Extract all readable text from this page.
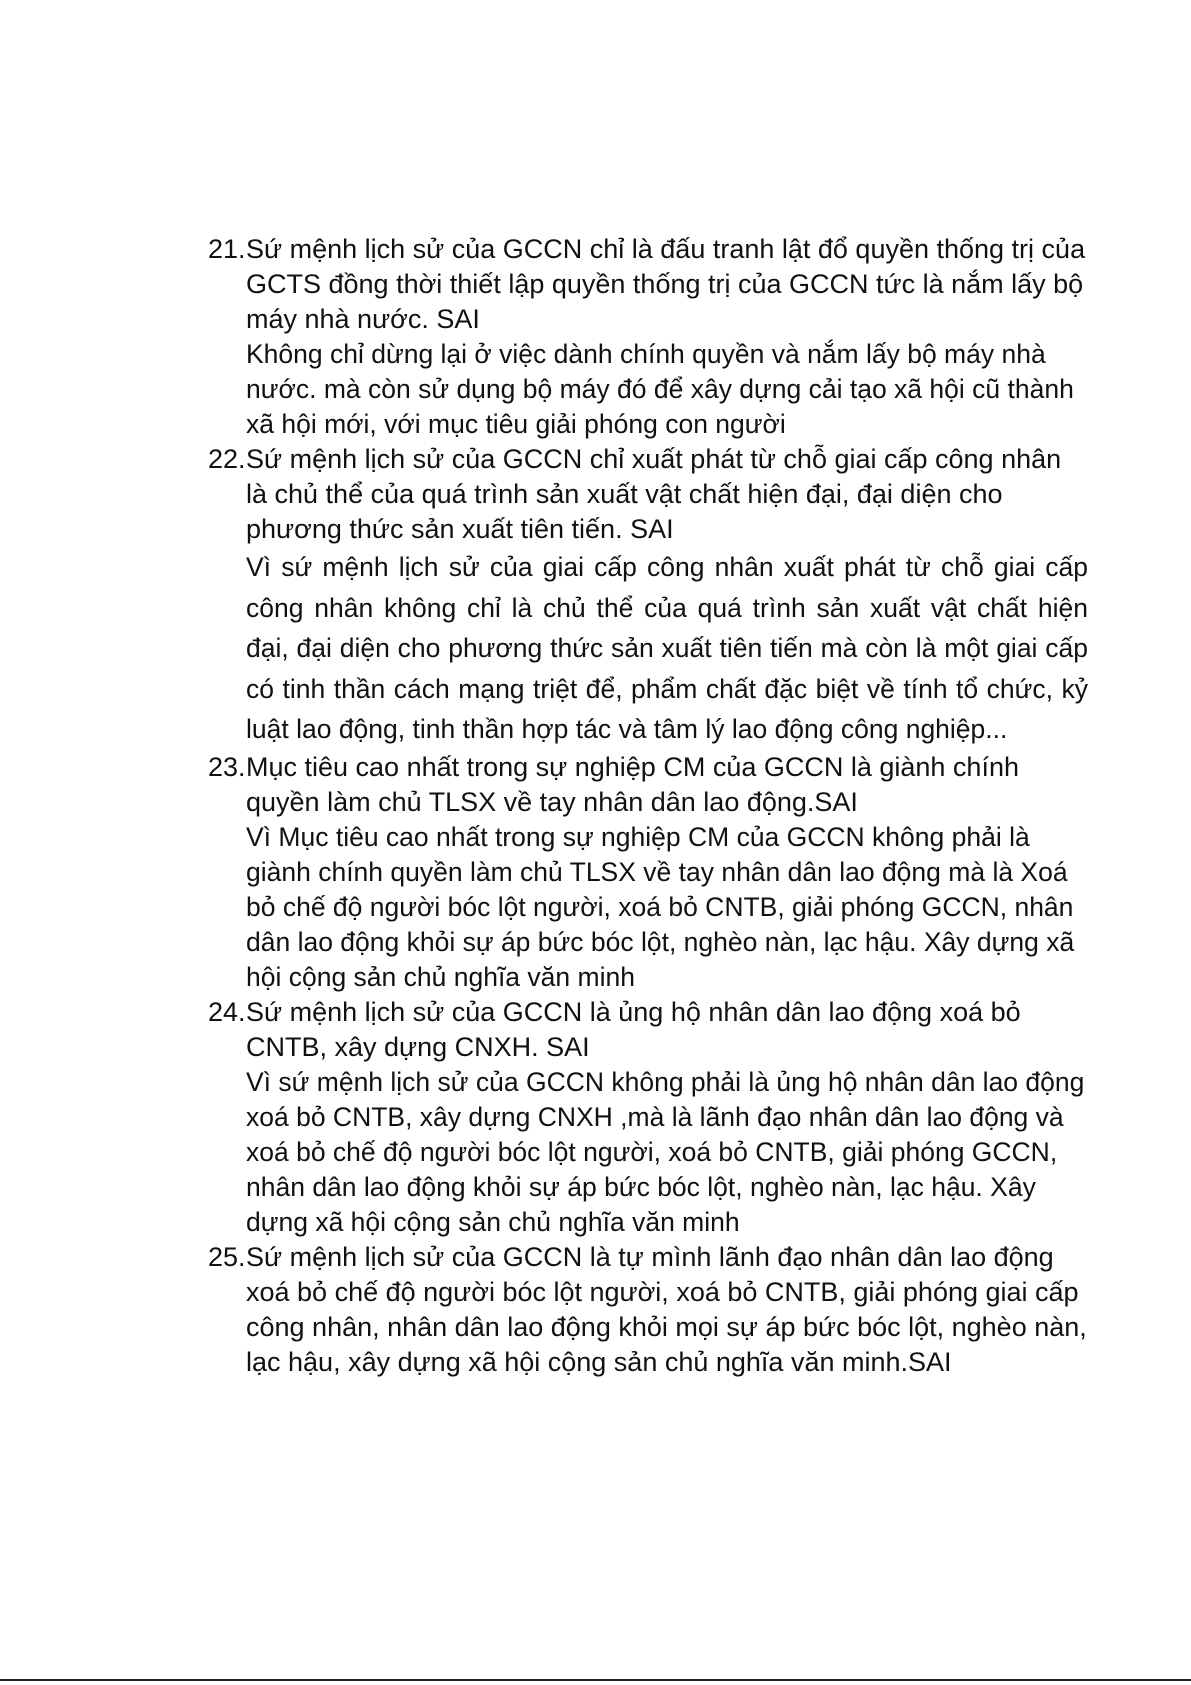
21. Sứ mệnh lịch sử của GCCN chỉ là đấu tranh lật đổ quyền thống trị của GCTS đồng thời thiết lập quyền thống trị của GCCN tức là nắm lấy bộ máy nhà nước. SAI

Không chỉ dừng lại ở việc dành chính quyền và nắm lấy bộ máy nhà nước. mà còn sử dụng bộ máy đó để xây dựng cải tạo xã hội cũ thành xã hội mới, với mục tiêu giải phóng con người

22. Sứ mệnh lịch sử của GCCN chỉ xuất phát từ chỗ giai cấp công nhân là chủ thể của quá trình sản xuất vật chất hiện đại, đại diện cho phương thức sản xuất tiên tiến. SAI

Vì sứ mệnh lịch sử của giai cấp công nhân xuất phát từ chỗ giai cấp công nhân không chỉ là chủ thể của quá trình sản xuất vật chất hiện đại, đại diện cho phương thức sản xuất tiên tiến mà còn là một giai cấp có tinh thần cách mạng triệt để, phẩm chất đặc biệt về tính tổ chức, kỷ luật lao động, tinh thần hợp tác và tâm lý lao động công nghiệp...

23. Mục tiêu cao nhất trong sự nghiệp CM của GCCN là giành chính quyền làm chủ TLSX về tay nhân dân lao động.SAI

Vì Mục tiêu cao nhất trong sự nghiệp CM của GCCN không phải là giành chính quyền làm chủ TLSX về tay nhân dân lao động mà là Xoá bỏ chế độ người bóc lột người, xoá bỏ CNTB, giải phóng GCCN, nhân dân lao động khỏi sự áp bức bóc lột, nghèo nàn, lạc hậu. Xây dựng xã hội cộng sản chủ nghĩa văn minh

24. Sứ mệnh lịch sử của GCCN là ủng hộ nhân dân lao động xoá bỏ CNTB, xây dựng CNXH. SAI

Vì sứ mệnh lịch sử của GCCN không phải là ủng hộ nhân dân lao động xoá bỏ CNTB, xây dựng CNXH ,mà là lãnh đạo nhân dân lao động và xoá bỏ chế độ người bóc lột người, xoá bỏ CNTB, giải phóng GCCN, nhân dân lao động khỏi sự áp bức bóc lột, nghèo nàn, lạc hậu. Xây dựng xã hội cộng sản chủ nghĩa văn minh

25. Sứ mệnh lịch sử của GCCN là tự mình lãnh đạo nhân dân lao động xoá bỏ chế độ người bóc lột người, xoá bỏ CNTB, giải phóng giai cấp công nhân, nhân dân lao động khỏi mọi sự áp bức bóc lột, nghèo nàn, lạc hậu, xây dựng xã hội cộng sản chủ nghĩa văn minh.SAI
